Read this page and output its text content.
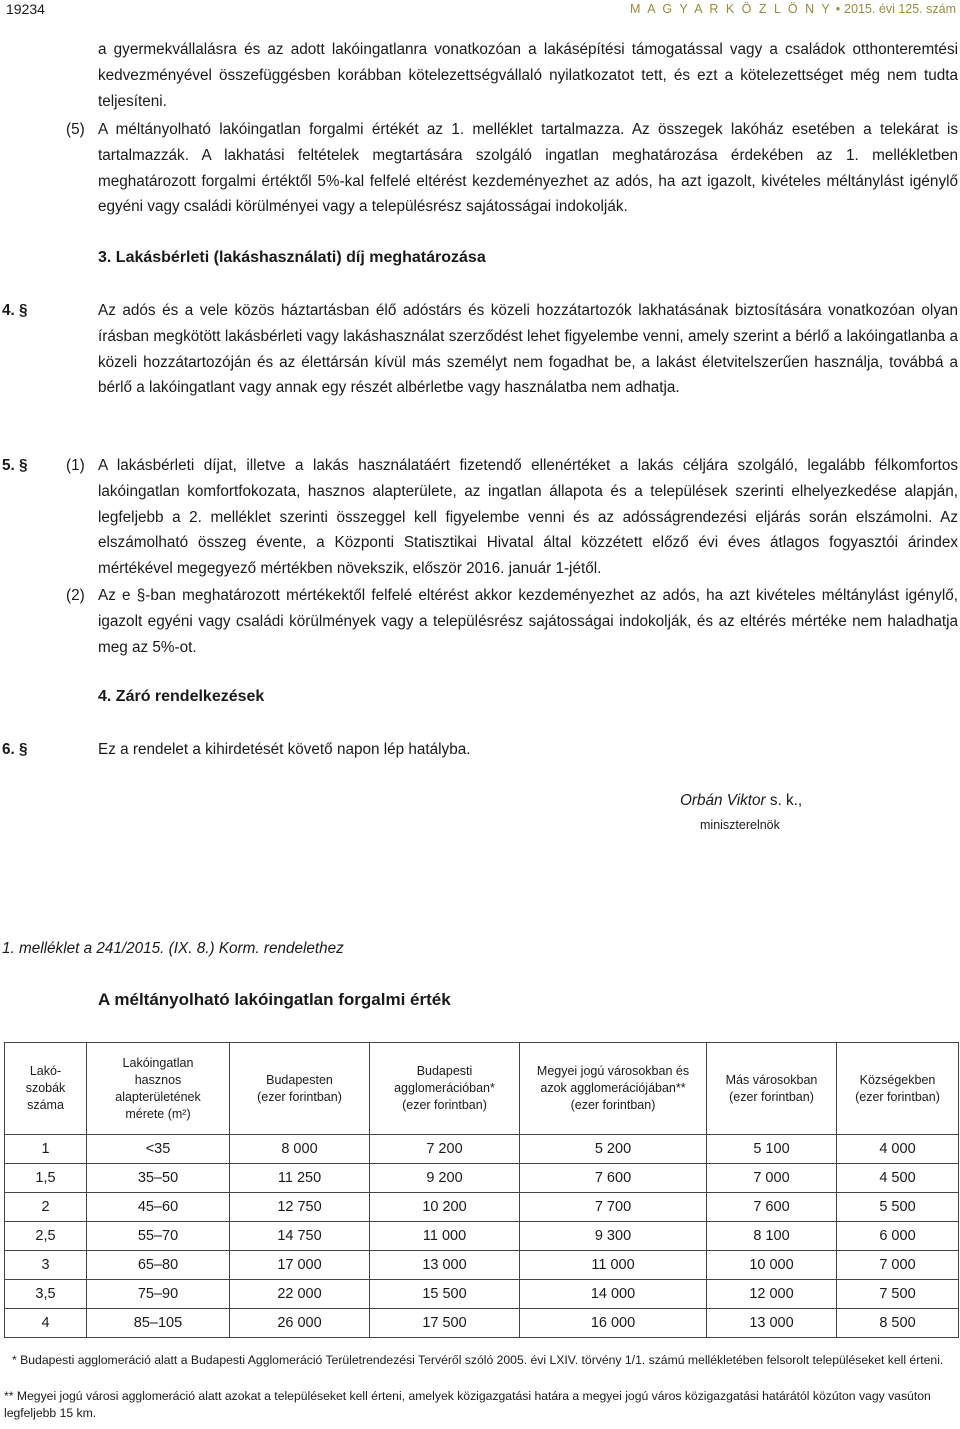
19234	M A G Y A R K Ö Z L Ö N Y • 2015. évi 125. szám

a gyermekvállalásra és az adott lakóingatlanra vonatkozóan a lakásépítési támogatással vagy a családok otthonteremtési kedvezményével összefüggésben korábban kötelezettségvállaló nyilatkozatot tett, és ezt a kötelezettséget még nem tudta teljesíteni.

(5) A méltányolható lakóingatlan forgalmi értékét az 1. melléklet tartalmazza. Az összegek lakóház esetében a telekárat is tartalmazzák. A lakhatási feltételek megtartására szolgáló ingatlan meghatározása érdekében az 1. mellékletben meghatározott forgalmi értéktől 5%-kal felfelé eltérést kezdeményezhet az adós, ha azt igazolt, kivételes méltánylást igénylő egyéni vagy családi körülményei vagy a településrész sajátosságai indokolják.

3. Lakásbérleti (lakáshasználati) díj meghatározása
4. §	Az adós és a vele közös háztartásban élő adóstárs és közeli hozzátartozók lakhatásának biztosítására vonatkozóan olyan írásban megkötött lakásbérleti vagy lakáshasználat szerződést lehet figyelembe venni, amely szerint a bérlő a lakóingatlanba a közeli hozzátartozóján és az élettársán kívül más személyt nem fogadhat be, a lakást életvitelszerűen használja, továbbá a bérlő a lakóingatlant vagy annak egy részét albérletbe vagy használatba nem adhatja.

5. §	(1) A lakásbérleti díjat, illetve a lakás használatáért fizetendő ellenértéket a lakás céljára szolgáló, legalább félkomfortos lakóingatlan komfortfokozata, hasznos alapterülete, az ingatlan állapota és a települések szerinti elhelyezkedése alapján, legfeljebb a 2. melléklet szerinti összeggel kell figyelembe venni és az adósságrendezési eljárás során elszámolni. Az elszámolható összeg évente, a Központi Statisztikai Hivatal által közzétett előző évi éves átlagos fogyasztói árindex mértékével megegyező mértékben növekszik, először 2016. január 1-jétől.

(2) Az e §-ban meghatározott mértékektől felfelé eltérést akkor kezdeményezhet az adós, ha azt kivételes méltánylást igénylő, igazolt egyéni vagy családi körülmények vagy a településrész sajátosságai indokolják, és az eltérés mértéke nem haladhatja meg az 5%-ot.

4. Záró rendelkezések
6. §	Ez a rendelet a kihirdetését követő napon lép hatályba.

Orbán Viktor s. k.,
miniszterelnök
1. melléklet a 241/2015. (IX. 8.) Korm. rendelethez
A méltányolható lakóingatlan forgalmi érték
Lakó-
szobák
száma	Lakóingatlan
hasznos
alapterületének
mérete (m²)	Budapesten
(ezer forintban)	Budapesti
agglomerációban*
(ezer forintban)	Megyei jogú városokban és
azok agglomerációjában**
(ezer forintban)	Más városokban
(ezer forintban)	Községekben
(ezer forintban)
1	<35	8 000	7 200	5 200	5 100	4 000
1,5	35–50	11 250	9 200	7 600	7 000	4 500
2	45–60	12 750	10 200	7 700	7 600	5 500
2,5	55–70	14 750	11 000	9 300	8 100	6 000
3	65–80	17 000	13 000	11 000	10 000	7 000
3,5	75–90	22 000	15 500	14 000	12 000	7 500
4	85–105	26 000	17 500	16 000	13 000	8 500

* Budapesti agglomeráció alatt a Budapesti Agglomeráció Területrendezési Tervéről szóló 2005. évi LXIV. törvény 1/1. számú mellékletében felsorolt településeket kell érteni.

** Megyei jogú városi agglomeráció alatt azokat a településeket kell érteni, amelyek közigazgatási határa a megyei jogú város közigazgatási határától közúton vagy vasúton legfeljebb 15 km.
